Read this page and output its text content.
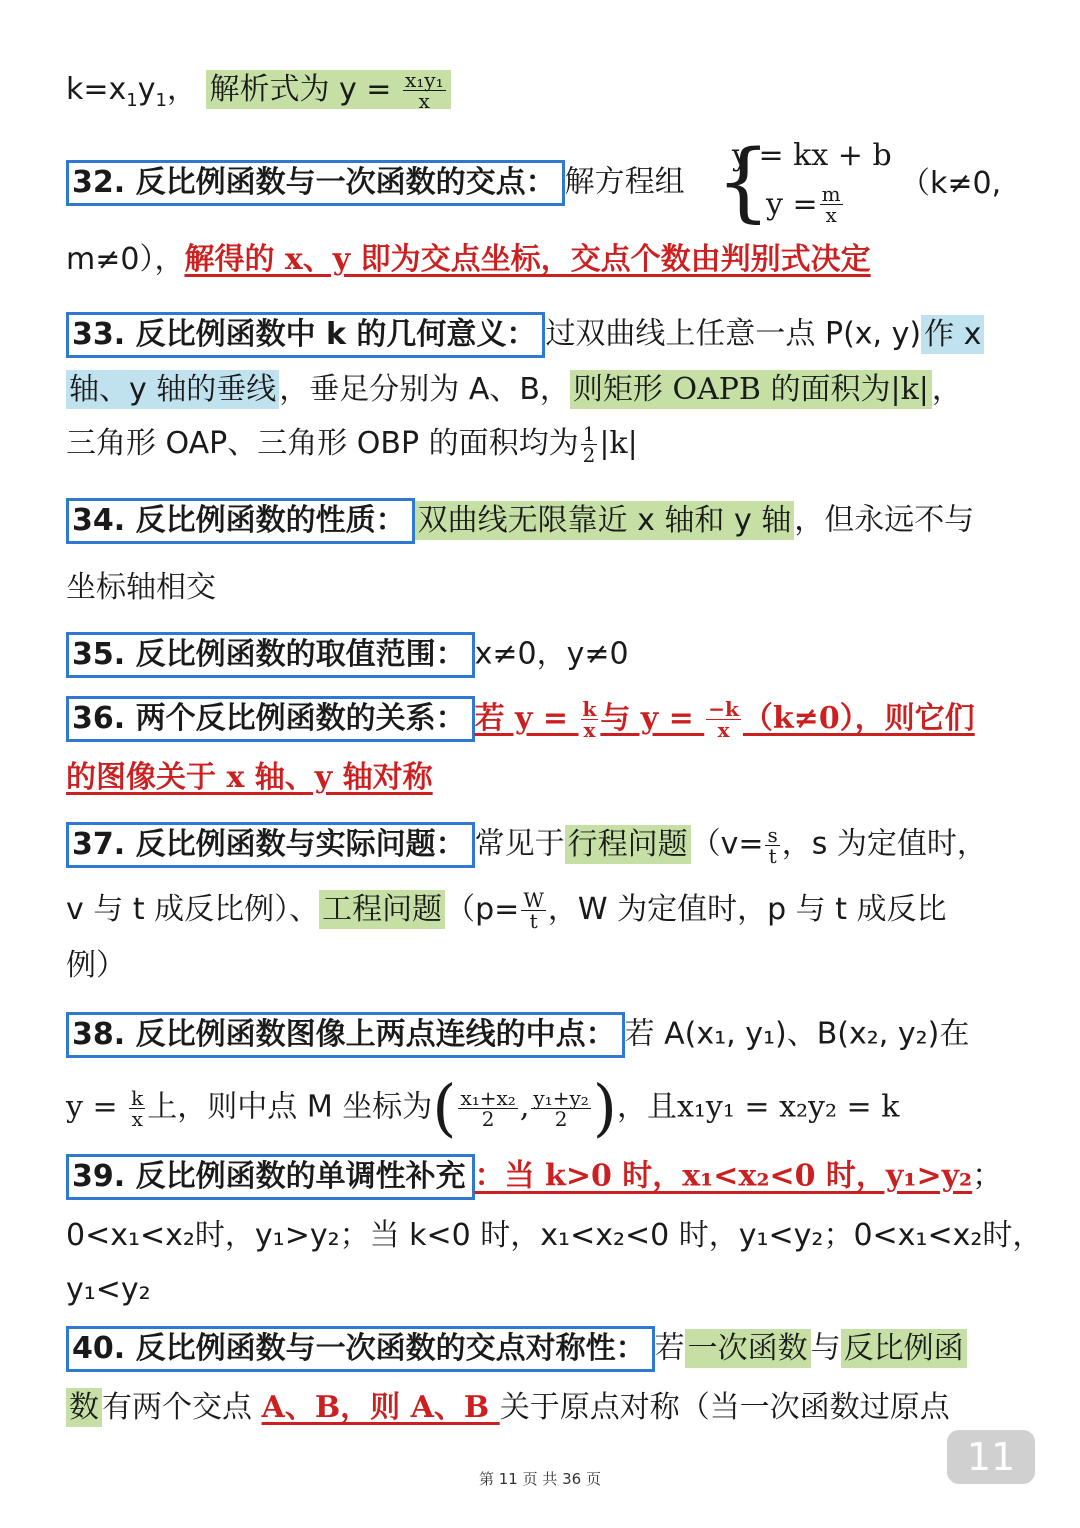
$k=x_1y_1$， 解析式为 $y = \frac{\text{x₁y₁}}{x}$
32. 反比例函数与一次函数的交点： 解方程组 {
y = kx + b
$y = \frac{m}{x}$
（k≠0,
m≠0），解得的 x、y 即为交点坐标，交点个数由判别式决定
33. 反比例函数中 k 的几何意义： 过双曲线上任意一点 P(x, y) 作 x
轴、y 轴的垂线 ，垂足分别为 A、B， 则矩形 OAPB 的面积为|k| ，
三角形 OAP、三角形 OBP 的面积均为 $\frac{1}{2} |k|$
34. 反比例函数的性质： 双曲线无限靠近 x 轴和 y 轴 ，但永远不与
坐标轴相交
35. 反比例函数的取值范围： x≠0，y≠0
36. 两个反比例函数的关系： 若 $y = \frac{k}{x}$ 与 $y = \frac{-k}{x} (k\ne 0)$，则它们
的图像关于 x 轴、y 轴对称
37. 反比例函数与实际问题： 常见于 行程问题 （$v= \frac{s}{t}$ ，s 为定值时，
v 与 t 成反比例）、 工程问题 （$p= \frac{W}{t}$ ，W 为定值时，p 与 t 成反比
例）
38. 反比例函数图像上两点连线的中点： 若 A(x₁, y₁)、B(x₂, y₂)在
$y = \frac{k}{x}$ 上，则中点 M 坐标为( $\frac{\text{x₁+x₂}}{2}$ , $\frac{\text{y₁+y₂}}{2}$ )，且x₁y₁ = x₂y₂ = k
39. 反比例函数的单调性补充 ：当 k>0 时，x₁<x₂<0 时，y₁>y₂；
0<x₁<x₂时，y₁>y₂；当 k<0 时，x₁<x₂<0 时，y₁<y₂；0<x₁<x₂时，
y₁<y₂
40. 反比例函数与一次函数的交点对称性： 若 一次函数 与 反比例函
数 有两个交点 A、B，则 A、B 关于原点对称（当一次函数过原点
11
第 11 页 共 36 页
